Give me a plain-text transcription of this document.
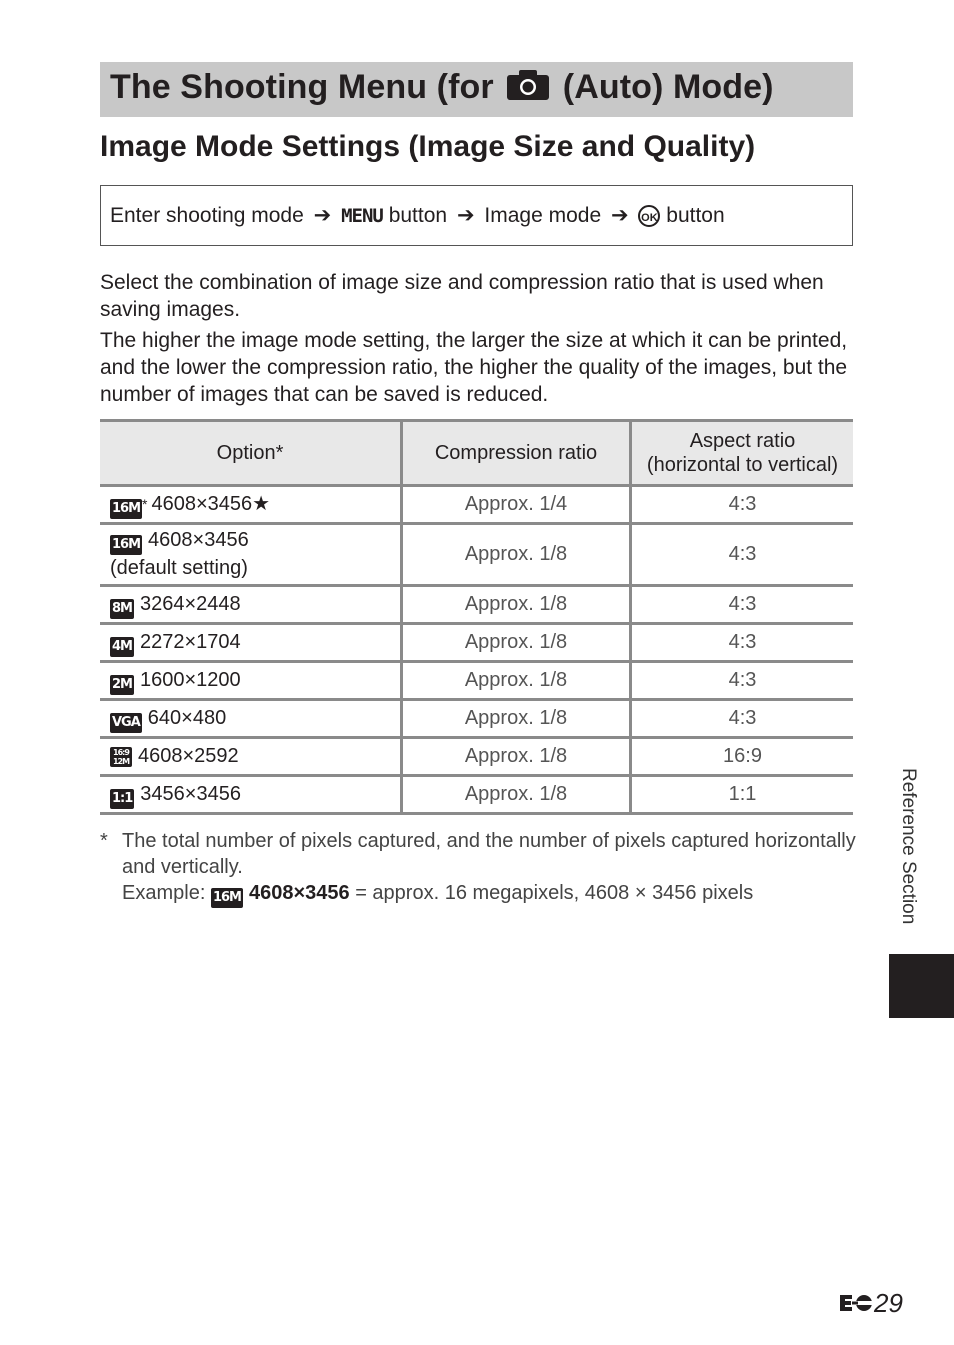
The Shooting Menu (for (Auto) Mode)
Image Mode Settings (Image Size and Quality)
Enter shooting mode ➔ MENU button ➔ Image mode ➔ OK button

Select the combination of image size and compression ratio that is used when saving images.

The higher the image mode setting, the larger the size at which it can be printed, and the lower the compression ratio, the higher the quality of the images, but the number of images that can be saved is reduced.

Option*	Compression ratio	Aspect ratio
(horizontal to vertical)
16M * 4608×3456★	Approx. 1/4	4:3
16M 4608×3456
(default setting)	Approx. 1/8	4:3
8M 3264×2448	Approx. 1/8	4:3
4M 2272×1704	Approx. 1/8	4:3
2M 1600×1200	Approx. 1/8	4:3
VGA 640×480	Approx. 1/8	4:3
16:9
12M 4608×2592	Approx. 1/8	16:9
1:1 3456×3456	Approx. 1/8	1:1
* The total number of pixels captured, and the number of pixels captured horizontally and vertically.
Example: 16M 4608×3456 = approx. 16 megapixels, 4608 × 3456 pixels	Reference Section
29
